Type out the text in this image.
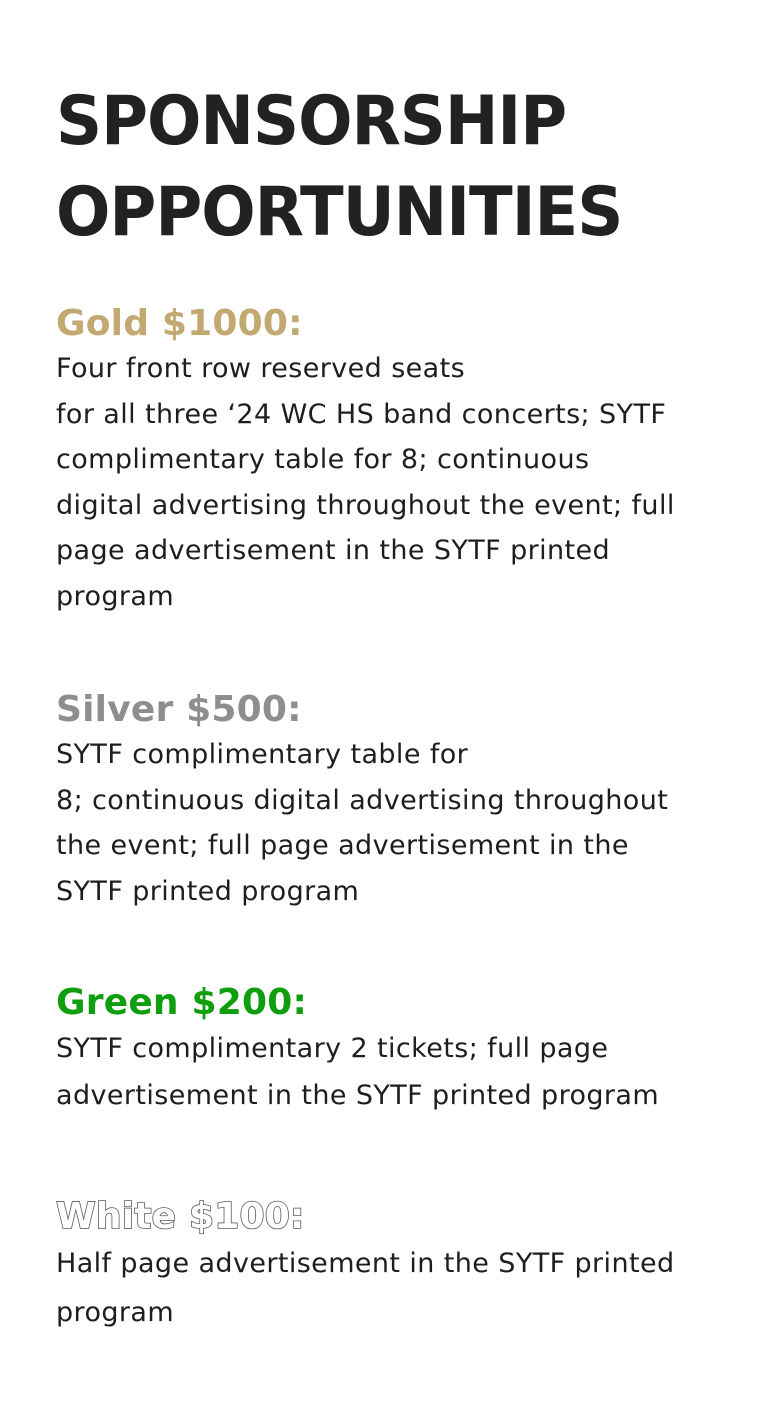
SPONSORSHIP
OPPORTUNITIES
Gold $1000:

Four front row reserved seats
for all three ‘24 WC HS band concerts; SYTF
complimentary table for 8; continuous
digital advertising throughout the event; full
page advertisement in the SYTF printed
program

Silver $500:

SYTF complimentary table for
8; continuous digital advertising throughout
the event; full page advertisement in the
SYTF printed program

Green $200:

SYTF complimentary 2 tickets; full page
advertisement in the SYTF printed program

White $100:

Half page advertisement in the SYTF printed
program
